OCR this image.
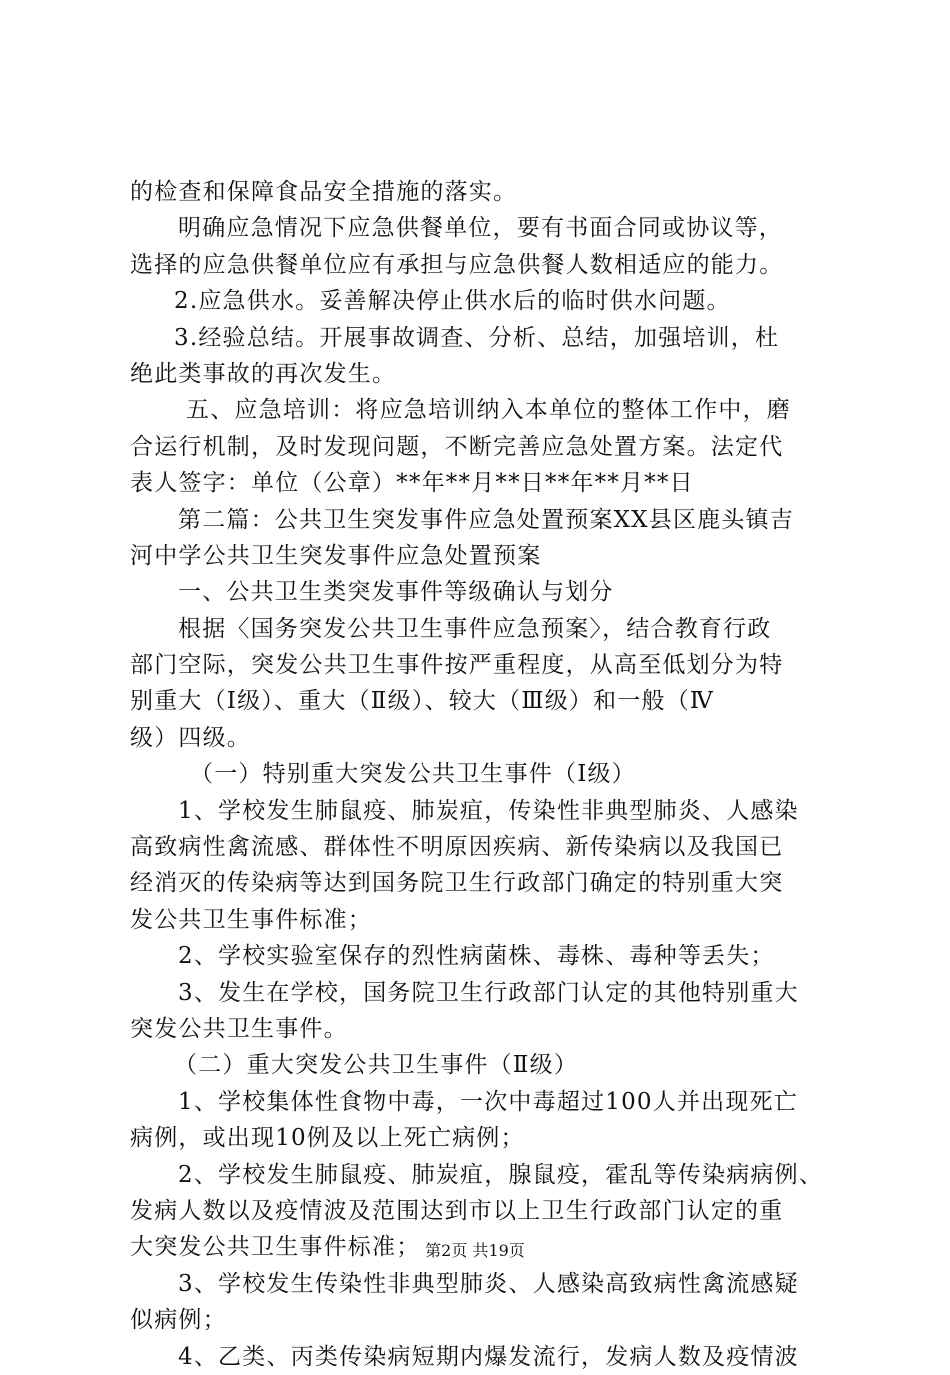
的检查和保障食品安全措施的落实。
明确应急情况下应急供餐单位，要有书面合同或协议等，
选择的应急供餐单位应有承担与应急供餐人数相适应的能力。
2.应急供水。妥善解决停止供水后的临时供水问题。
3.经验总结。开展事故调查、分析、总结，加强培训，杜
绝此类事故的再次发生。
五、应急培训：将应急培训纳入本单位的整体工作中，磨
合运行机制，及时发现问题，不断完善应急处置方案。法定代
表人签字：单位（公章）**年**月**日**年**月**日
第二篇：公共卫生突发事件应急处置预案XX县区鹿头镇吉
河中学公共卫生突发事件应急处置预案
一、公共卫生类突发事件等级确认与划分
根据〈国务突发公共卫生事件应急预案〉，结合教育行政
部门空际，突发公共卫生事件按严重程度，从高至低划分为特
别重大（Ⅰ级）、重大（Ⅱ级）、较大（Ⅲ级）和一般（Ⅳ
级）四级。
（一）特别重大突发公共卫生事件（Ⅰ级）
1、学校发生肺鼠疫、肺炭疽，传染性非典型肺炎、人感染
高致病性禽流感、群体性不明原因疾病、新传染病以及我国已
经消灭的传染病等达到国务院卫生行政部门确定的特别重大突
发公共卫生事件标准；
2、学校实验室保存的烈性病菌株、毒株、毒种等丢失；
3、发生在学校，国务院卫生行政部门认定的其他特别重大
突发公共卫生事件。
（二）重大突发公共卫生事件（Ⅱ级）
1、学校集体性食物中毒，一次中毒超过100人并出现死亡
病例，或出现10例及以上死亡病例；
2、学校发生肺鼠疫、肺炭疽，腺鼠疫，霍乱等传染病病例、
发病人数以及疫情波及范围达到市以上卫生行政部门认定的重
大突发公共卫生事件标准；
3、学校发生传染性非典型肺炎、人感染高致病性禽流感疑
似病例；
4、乙类、丙类传染病短期内爆发流行，发病人数及疫情波
第2页 共19页
